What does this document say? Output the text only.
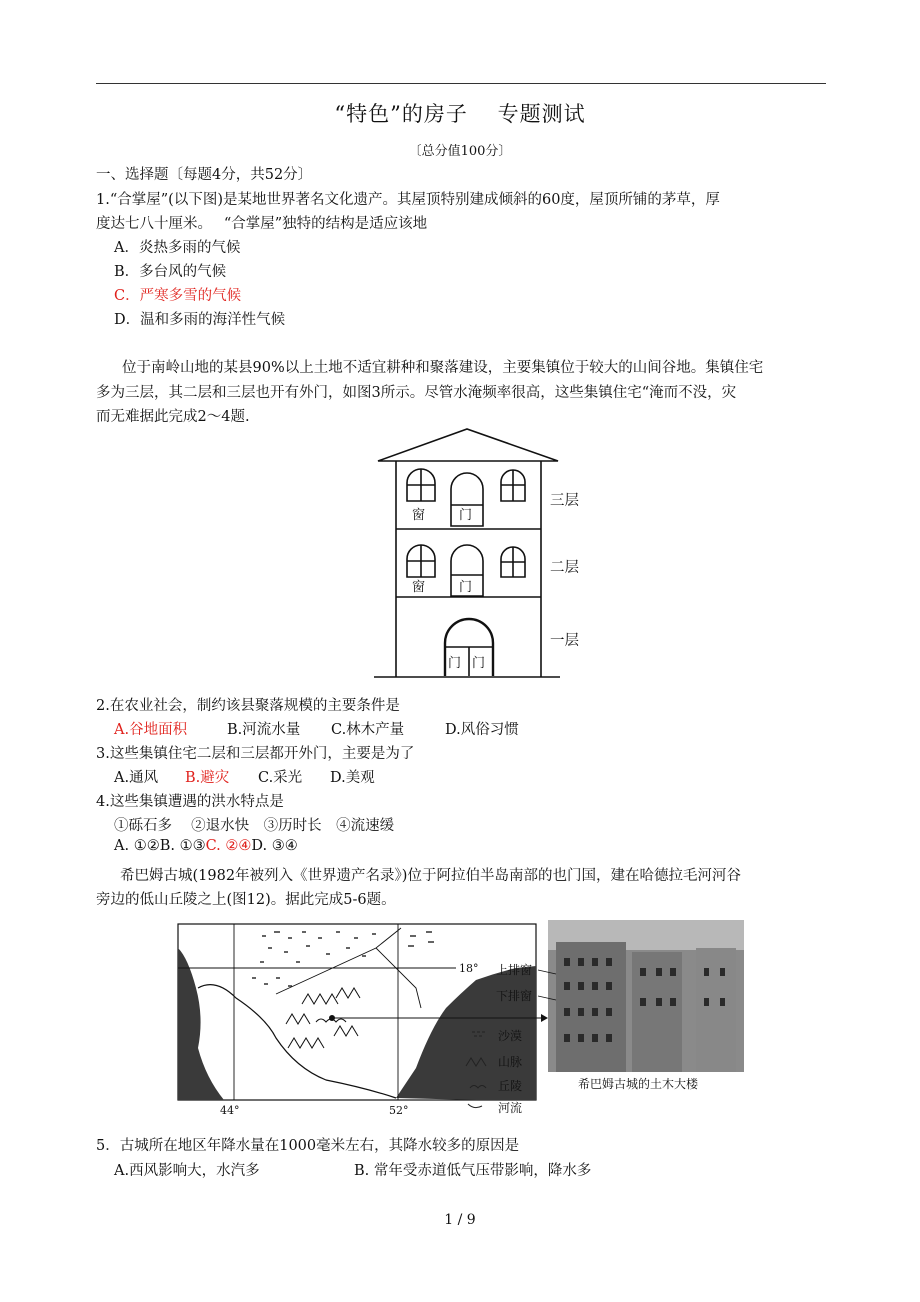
“特色”的房子　 专题测试
〔总分值100分〕
一、选择题〔每题4分，共52分〕
1.“合掌屋”(以下图)是某地世界著名文化遗产。其屋顶特别建成倾斜的60度，屋顶所铺的茅草，厚
度达七八十厘米。　 “合掌屋”独特的结构是适应该地
A．炎热多雨的气候
B．多台风的气候
C．严寒多雪的气候
D．温和多雨的海洋性气候
位于南岭山地的某县90%以上土地不适宜耕种和聚落建设，主要集镇位于较大的山间谷地。集镇住宅
多为三层，其二层和三层也开有外门，如图3所示。尽管水淹频率很高，这些集镇住宅“淹而不没，灾
而无难据此完成2～4题.
窗	门
窗	门
门 门
三层
二层
一层
2.在农业社会，制约该县聚落规模的主要条件是
A.谷地面积	B.河流水量 C.林木产量	D.风俗习惯
3.这些集镇住宅二层和三层都开外门，主要是为了
A.通风 B.避灾 C.采光 D.美观
4.这些集镇遭遇的洪水特点是
①砾石多　 ②退水快　③历时长　④流速缓
A. ①②B. ①③C. ②④D. ③④
希巴姆古城(1982年被列入《世界遗产名录》)位于阿拉伯半岛南部的也门国，建在哈德拉毛河河谷
旁边的低山丘陵之上(图12)。据此完成5-6题。
18°
44°	52°
沙漠
山脉
丘陵
河流
上排窗
下排窗
希巴姆古城的土木大楼
5．古城所在地区年降水量在1000毫米左右，其降水较多的原因是
A.西风影响大，水汽多	B. 常年受赤道低气压带影响，降水多
1 / 9
